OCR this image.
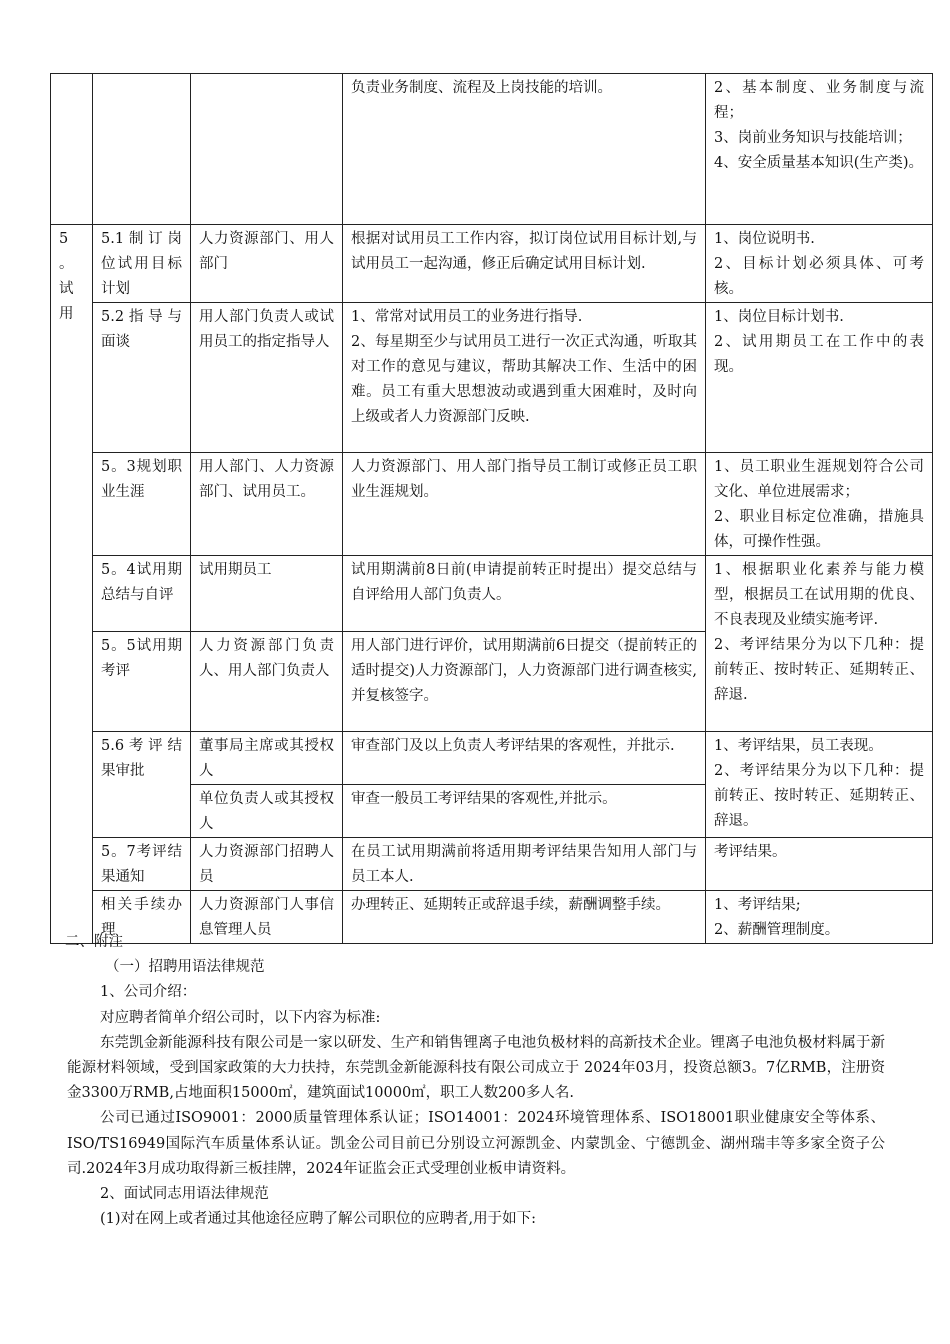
			负责业务制度、流程及上岗技能的培训。	2、基本制度、业务制度与流程；
3、岗前业务知识与技能培训；
4、安全质量基本知识(生产类)。

5
。
试
用	5.1制订岗位试用目标计划	人力资源部门、用人部门	根据对试用员工工作内容，拟订岗位试用目标计划,与试用员工一起沟通，修正后确定试用目标计划.	1、岗位说明书.
2、目标计划必须具体、可考核。

	5.2指导与面谈	用人部门负责人或试用员工的指定指导人	1、常常对试用员工的业务进行指导.
2、每星期至少与试用员工进行一次正式沟通，听取其对工作的意见与建议，帮助其解决工作、生活中的困难。员工有重大思想波动或遇到重大困难时，及时向上级或者人力资源部门反映.	1、岗位目标计划书.
2、试用期员工在工作中的表现。

	5。3规划职业生涯	用人部门、人力资源部门、试用员工。	人力资源部门、用人部门指导员工制订或修正员工职业生涯规划。	1、员工职业生涯规划符合公司文化、单位进展需求；
2、职业目标定位准确，措施具体，可操作性强。

	5。4试用期总结与自评	试用期员工	试用期满前8日前(申请提前转正时提出）提交总结与自评给用人部门负责人。	1、根据职业化素养与能力模型，根据员工在试用期的优良、不良表现及业绩实施考评.
2、考评结果分为以下几种：提前转正、按时转正、延期转正、辞退.

	5。5试用期考评	人力资源部门负责人、用人部门负责人	用人部门进行评价，试用期满前6日提交（提前转正的适时提交)人力资源部门，人力资源部门进行调查核实,并复核签字。	
	5.6考评结果审批	董事局主席或其授权人	审查部门及以上负责人考评结果的客观性，并批示.	1、考评结果，员工表现。
2、考评结果分为以下几种：提前转正、按时转正、延期转正、辞退。

		单位负责人或其授权人	审查一般员工考评结果的客观性,并批示。	
	5。7考评结果通知	人力资源部门招聘人员	在员工试用期满前将适用期考评结果告知用人部门与员工本人.	考评结果。

	相关手续办理	人力资源部门人事信息管理人员	办理转正、延期转正或辞退手续，薪酬调整手续。	1、考评结果;
2、薪酬管理制度。

二、附注

（一）招聘用语法律规范

1、公司介绍：

对应聘者简单介绍公司时，以下内容为标准:

东莞凯金新能源科技有限公司是一家以研发、生产和销售锂离子电池负极材料的高新技术企业。锂离子电池负极材料属于新能源材料领域，受到国家政策的大力扶持，东莞凯金新能源科技有限公司成立于 2024年03月，投资总额3。7亿RMB，注册资金3300万RMB,占地面积15000㎡，建筑面试10000㎡，职工人数200多人名.

公司已通过ISO9001：2000质量管理体系认证；ISO14001：2024环境管理体系、ISO18001职业健康安全等体系、ISO/TS16949国际汽车质量体系认证。凯金公司目前已分别设立河源凯金、内蒙凯金、宁德凯金、湖州瑞丰等多家全资子公司.2024年3月成功取得新三板挂牌，2024年证监会正式受理创业板申请资料。

2、面试同志用语法律规范

(1)对在网上或者通过其他途径应聘了解公司职位的应聘者,用于如下:
